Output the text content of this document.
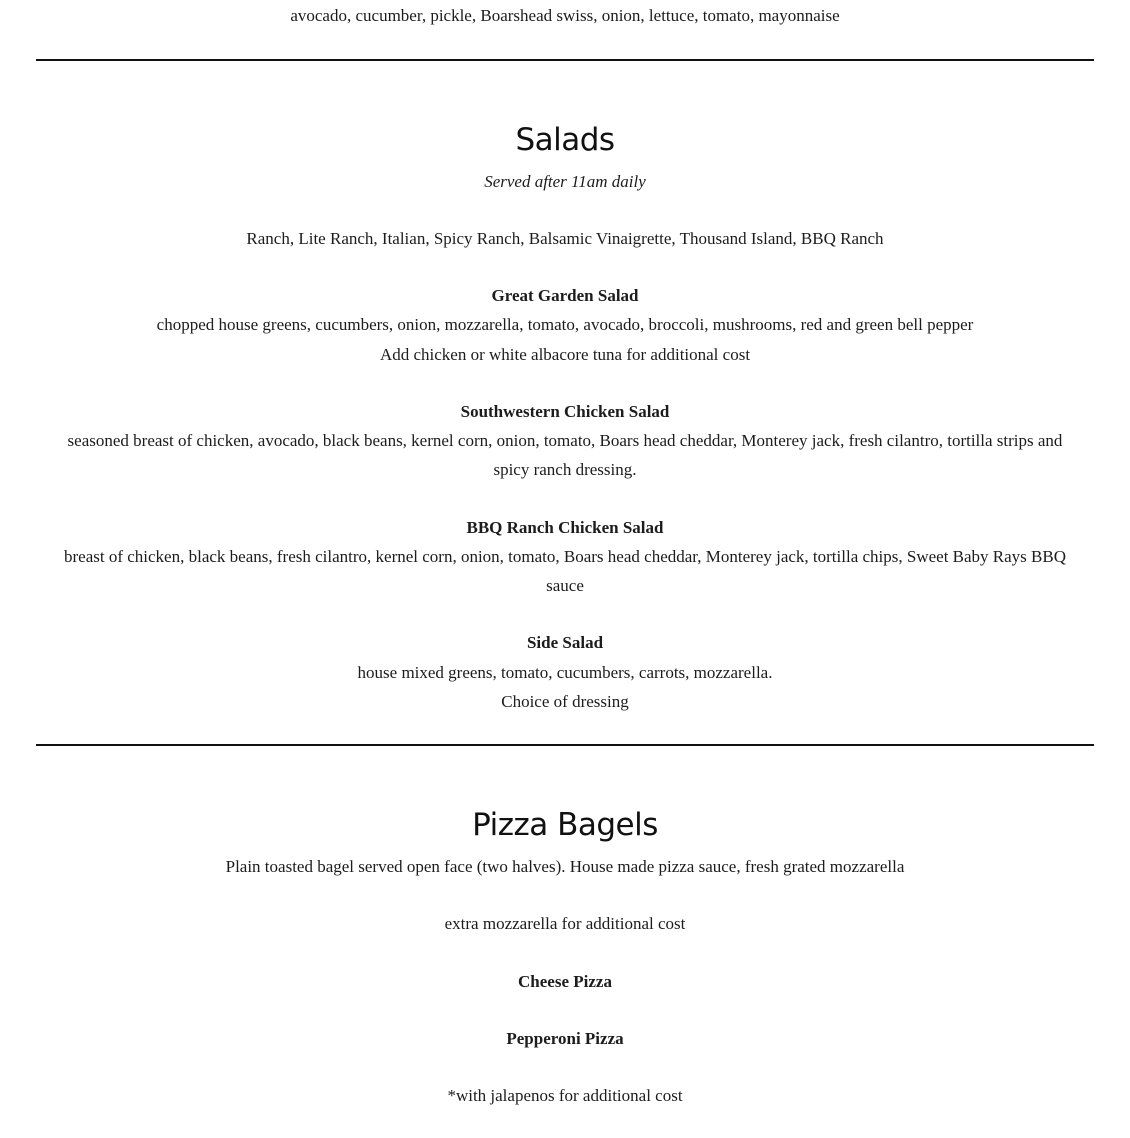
avocado, cucumber, pickle, Boarshead swiss, onion, lettuce, tomato, mayonnaise
Salads
Served after 11am daily
Ranch, Lite Ranch, Italian, Spicy Ranch, Balsamic Vinaigrette, Thousand Island, BBQ Ranch
Great Garden Salad
chopped house greens, cucumbers, onion, mozzarella, tomato, avocado, broccoli, mushrooms, red and green bell pepper
Add chicken or white albacore tuna for additional cost
Southwestern Chicken Salad
seasoned breast of chicken, avocado, black beans, kernel corn, onion, tomato, Boars head cheddar, Monterey jack, fresh cilantro, tortilla strips and spicy ranch dressing.
BBQ Ranch Chicken Salad
breast of chicken, black beans, fresh cilantro, kernel corn, onion, tomato, Boars head cheddar, Monterey jack, tortilla chips, Sweet Baby Rays BBQ sauce
Side Salad
house mixed greens, tomato, cucumbers, carrots, mozzarella.
Choice of dressing
Pizza Bagels
Plain toasted bagel served open face (two halves). House made pizza sauce, fresh grated mozzarella
extra mozzarella for additional cost
Cheese Pizza
Pepperoni Pizza
*with jalapenos for additional cost
